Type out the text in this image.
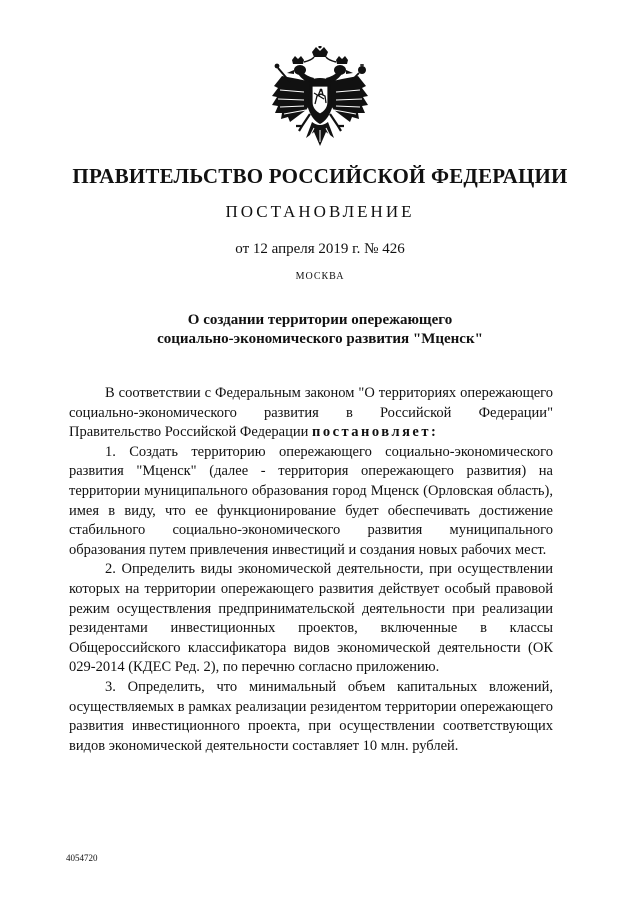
ПРАВИТЕЛЬСТВО РОССИЙСКОЙ ФЕДЕРАЦИИ
ПОСТАНОВЛЕНИЕ
от 12 апреля 2019 г. № 426
МОСКВА
О создании территории опережающего
социально-экономического развития "Мценск"

В соответствии с Федеральным законом "О территориях опережающего социально-экономического развития в Российской Федерации" Правительство Российской Федерации постановляет:

1. Создать территорию опережающего социально-экономического развития "Мценск" (далее - территория опережающего развития) на территории муниципального образования город Мценск (Орловская область), имея в виду, что ее функционирование будет обеспечивать достижение стабильного социально-экономического развития муниципального образования путем привлечения инвестиций и создания новых рабочих мест.

2. Определить виды экономической деятельности, при осуществлении которых на территории опережающего развития действует особый правовой режим осуществления предпринимательской деятельности при реализации резидентами инвестиционных проектов, включенные в классы Общероссийского классификатора видов экономической деятельности (ОК 029-2014 (КДЕС Ред. 2), по перечню согласно приложению.

3. Определить, что минимальный объем капитальных вложений, осуществляемых в рамках реализации резидентом территории опережающего развития инвестиционного проекта, при осуществлении соответствующих видов экономической деятельности составляет 10 млн. рублей.

4054720
